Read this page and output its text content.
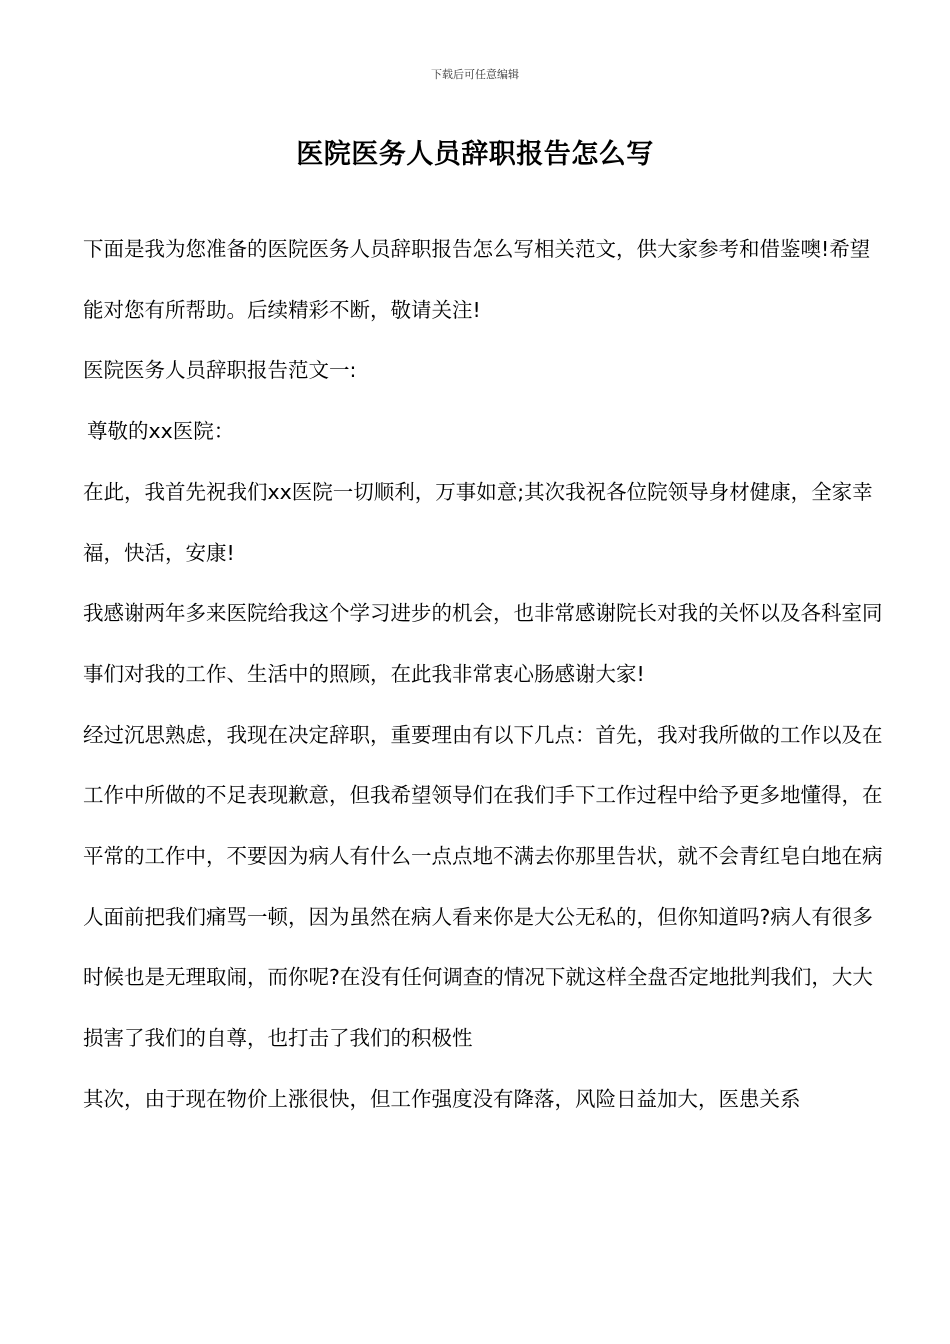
下载后可任意编辑
医院医务人员辞职报告怎么写

下面是我为您准备的医院医务人员辞职报告怎么写相关范文，供大家参考和借鉴噢!希望能对您有所帮助。后续精彩不断，敬请关注!

医院医务人员辞职报告范文一:

尊敬的xx医院：

在此，我首先祝我们xx医院一切顺利，万事如意;其次我祝各位院领导身材健康，全家幸福，快活，安康!

我感谢两年多来医院给我这个学习进步的机会，也非常感谢院长对我的关怀以及各科室同事们对我的工作、生活中的照顾，在此我非常衷心肠感谢大家!

经过沉思熟虑，我现在决定辞职，重要理由有以下几点：首先，我对我所做的工作以及在工作中所做的不足表现歉意，但我希望领导们在我们手下工作过程中给予更多地懂得，在平常的工作中，不要因为病人有什么一点点地不满去你那里告状，就不会青红皂白地在病人面前把我们痛骂一顿，因为虽然在病人看来你是大公无私的，但你知道吗?病人有很多时候也是无理取闹，而你呢?在没有任何调查的情况下就这样全盘否定地批判我们，大大损害了我们的自尊，也打击了我们的积极性

其次，由于现在物价上涨很快，但工作强度没有降落，风险日益加大，医患关系
